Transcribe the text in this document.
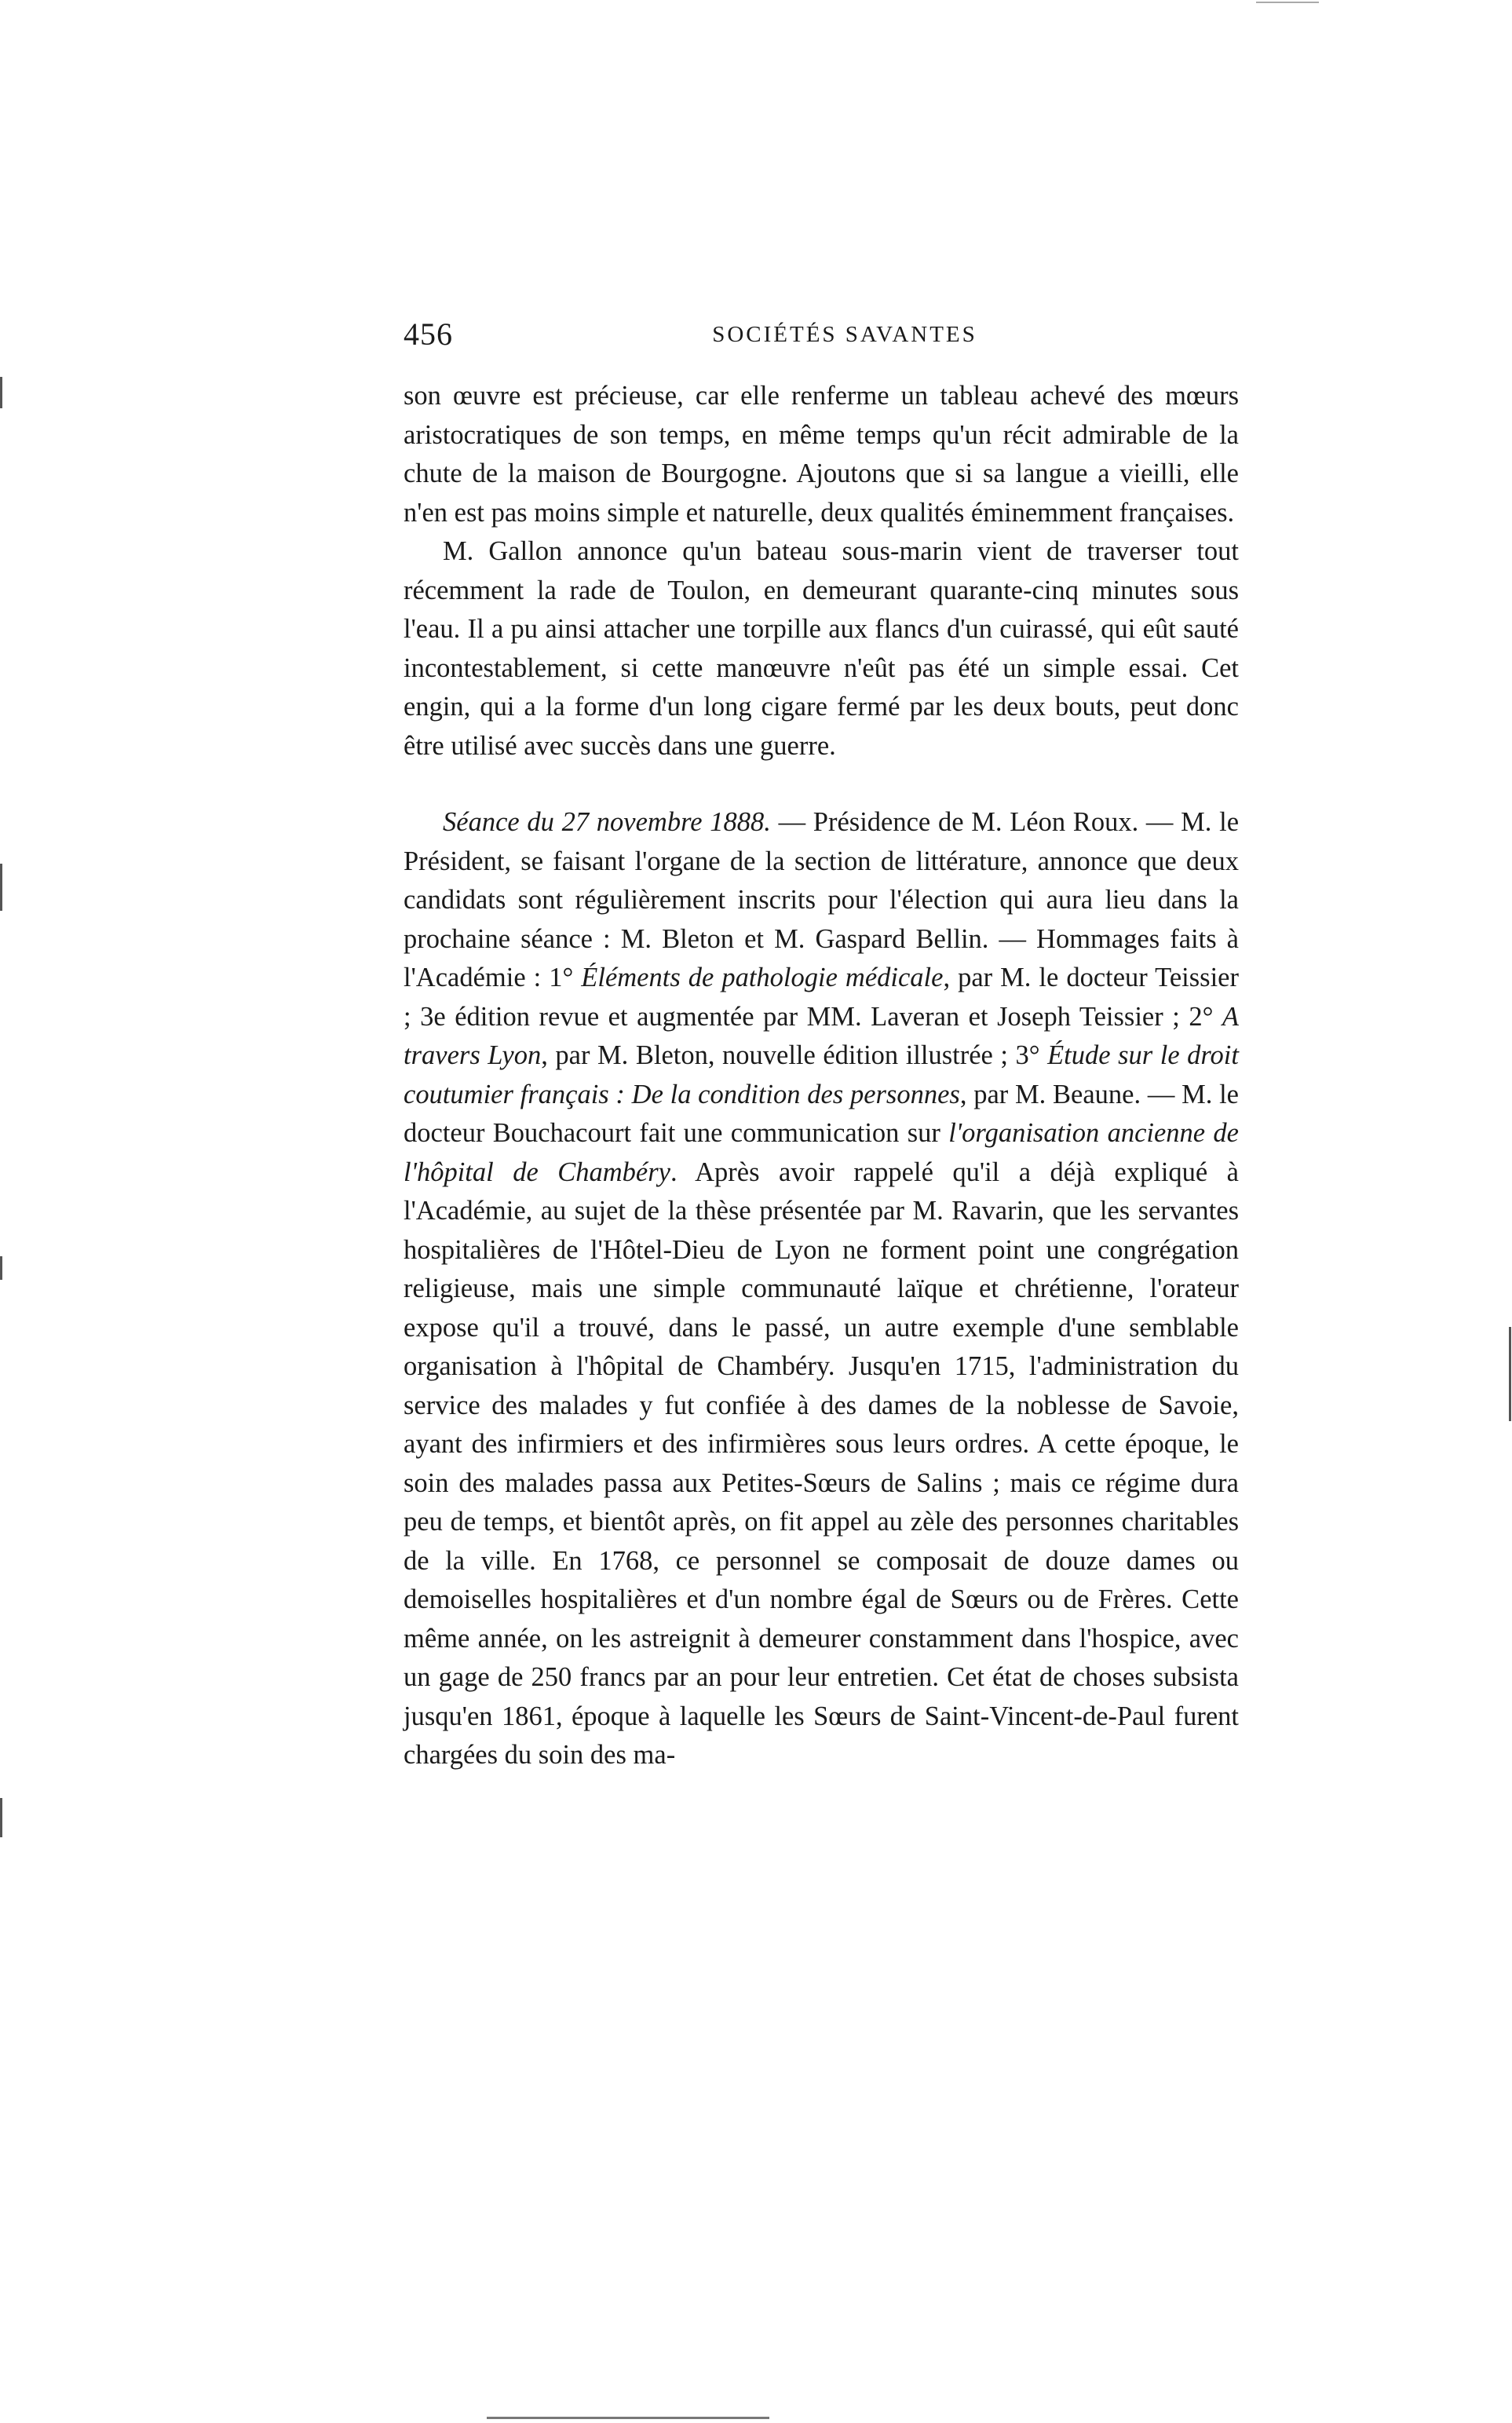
456	SOCIÉTÉS SAVANTES

son œuvre est précieuse, car elle renferme un tableau achevé des mœurs aristocratiques de son temps, en même temps qu'un récit admirable de la chute de la maison de Bourgogne. Ajoutons que si sa langue a vieilli, elle n'en est pas moins simple et naturelle, deux qualités éminemment françaises.

M. Gallon annonce qu'un bateau sous-marin vient de traverser tout récemment la rade de Toulon, en demeurant quarante-cinq minutes sous l'eau. Il a pu ainsi attacher une torpille aux flancs d'un cuirassé, qui eût sauté incontestablement, si cette manœuvre n'eût pas été un simple essai. Cet engin, qui a la forme d'un long cigare fermé par les deux bouts, peut donc être utilisé avec succès dans une guerre.

Séance du 27 novembre 1888. — Présidence de M. Léon Roux. — M. le Président, se faisant l'organe de la section de littérature, annonce que deux candidats sont régulièrement inscrits pour l'élection qui aura lieu dans la prochaine séance : M. Bleton et M. Gaspard Bellin. — Hommages faits à l'Académie : 1° Éléments de pathologie médicale, par M. le docteur Teissier ; 3e édition revue et augmentée par MM. Laveran et Joseph Teissier ; 2° A travers Lyon, par M. Bleton, nouvelle édition illustrée ; 3° Étude sur le droit coutumier français : De la condition des personnes, par M. Beaune. — M. le docteur Bouchacourt fait une communication sur l'organisation ancienne de l'hôpital de Chambéry. Après avoir rappelé qu'il a déjà expliqué à l'Académie, au sujet de la thèse présentée par M. Ravarin, que les servantes hospitalières de l'Hôtel-Dieu de Lyon ne forment point une congrégation religieuse, mais une simple communauté laïque et chrétienne, l'orateur expose qu'il a trouvé, dans le passé, un autre exemple d'une semblable organisation à l'hôpital de Chambéry. Jusqu'en 1715, l'administration du service des malades y fut confiée à des dames de la noblesse de Savoie, ayant des infirmiers et des infirmières sous leurs ordres. A cette époque, le soin des malades passa aux Petites-Sœurs de Salins ; mais ce régime dura peu de temps, et bientôt après, on fit appel au zèle des personnes charitables de la ville. En 1768, ce personnel se composait de douze dames ou demoiselles hospitalières et d'un nombre égal de Sœurs ou de Frères. Cette même année, on les astreignit à demeurer constamment dans l'hospice, avec un gage de 250 francs par an pour leur entretien. Cet état de choses subsista jusqu'en 1861, époque à laquelle les Sœurs de Saint-Vincent-de-Paul furent chargées du soin des ma-
